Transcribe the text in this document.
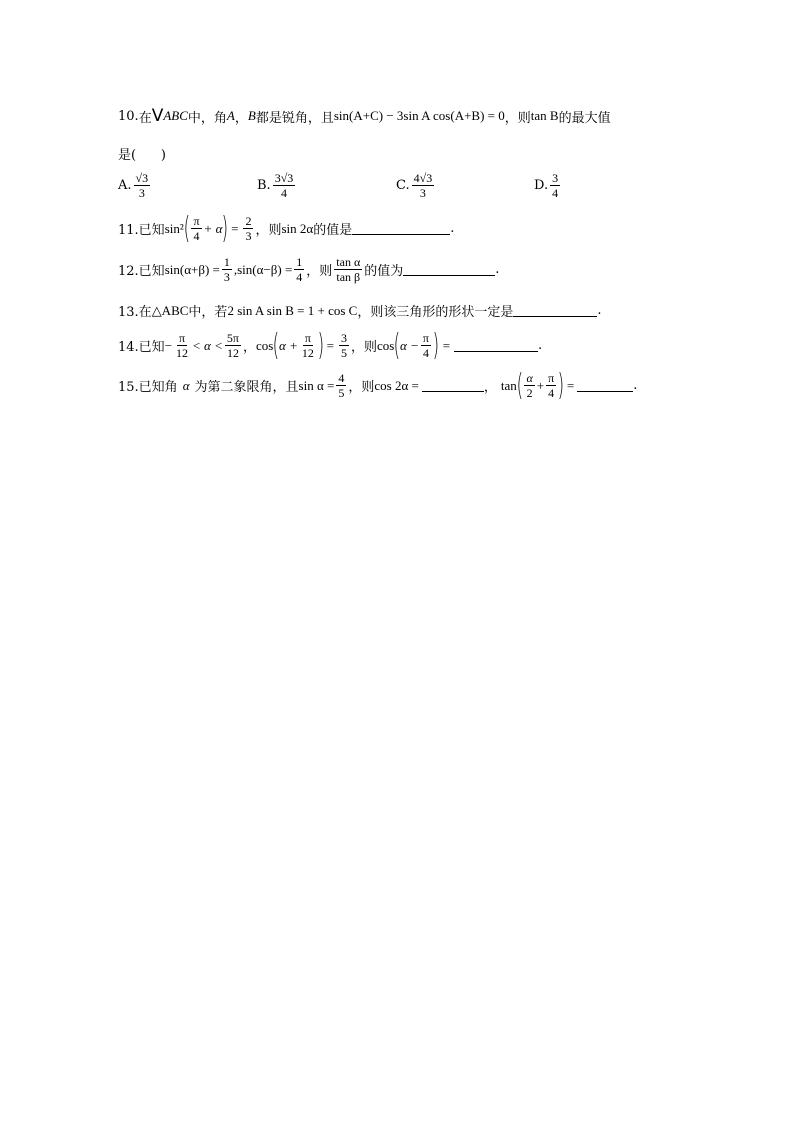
10. 在 V ABC 中，角 A ， B 都是锐角，且 sin(A+C) − 3sin A cos(A+B) = 0 ，则 tan B 的最大值
是(      )
A. $\frac{√3}{3}$	B. $\frac{3√3}{4}$	C. $\frac{4√3}{3}$	D. $\frac{3}{4}$
11.已知 sin² ( $\frac{\pi}{4} + \alpha$ ) = $\frac{2}{3}$ ，则 sin 2α 的值是	.
12.已知 $\sin(\alpha+\beta) = \frac{1}{3} ,\sin(\alpha-\beta) = \frac{1}{4}$ ，则 $\frac{\text{tan α}}{\text{tan β}}$ 的值为	.
13.在 △ABC 中，若 2 sin A sin B = 1 + cos C ，则该三角形的形状一定是	.
14.已知 − $\frac{\pi}{12} < \alpha < \frac{5\pi}{12}$ ， cos ( $\alpha + \frac{\pi}{12}$ ) = $\frac{3}{5}$ ，则 cos ( $\alpha - \frac{\pi}{4}$ ) =	.
15.已知角 α 为第二象限角，且 $\sin \alpha = \frac{4}{5}$ ，则 cos 2α =	， tan ( $\frac{\alpha}{2} + \frac{\pi}{4}$ ) =	.
